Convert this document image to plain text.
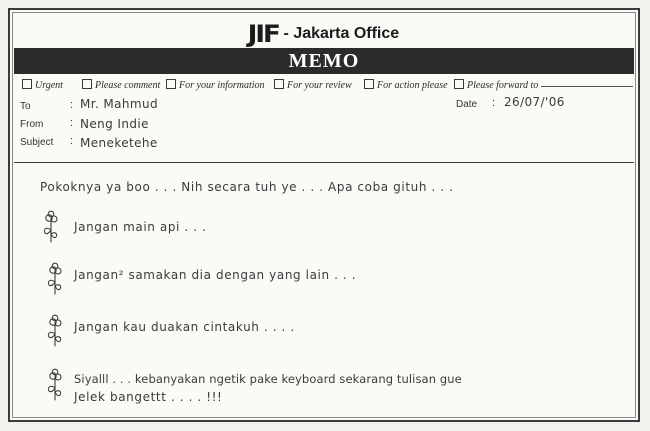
JIF - Jakarta Office
MEMO
Urgent	Please comment	For your information	For your review	For action please	Please forward to
To	: Mr. Mahmud
From : Neng Indie
Subject : Meneketehe
Date : 26/07/'06
Pokoknya ya boo . . . Nih secara tuh ye . . . Apa coba gituh . . .
Jangan main api . . .
Jangan² samakan dia dengan yang lain . . .
Jangan kau duakan cintakuh . . . .
Siyalll . . . kebanyakan ngetik pake keyboard sekarang tulisan gue
Jelek bangettt . . . . !!!
